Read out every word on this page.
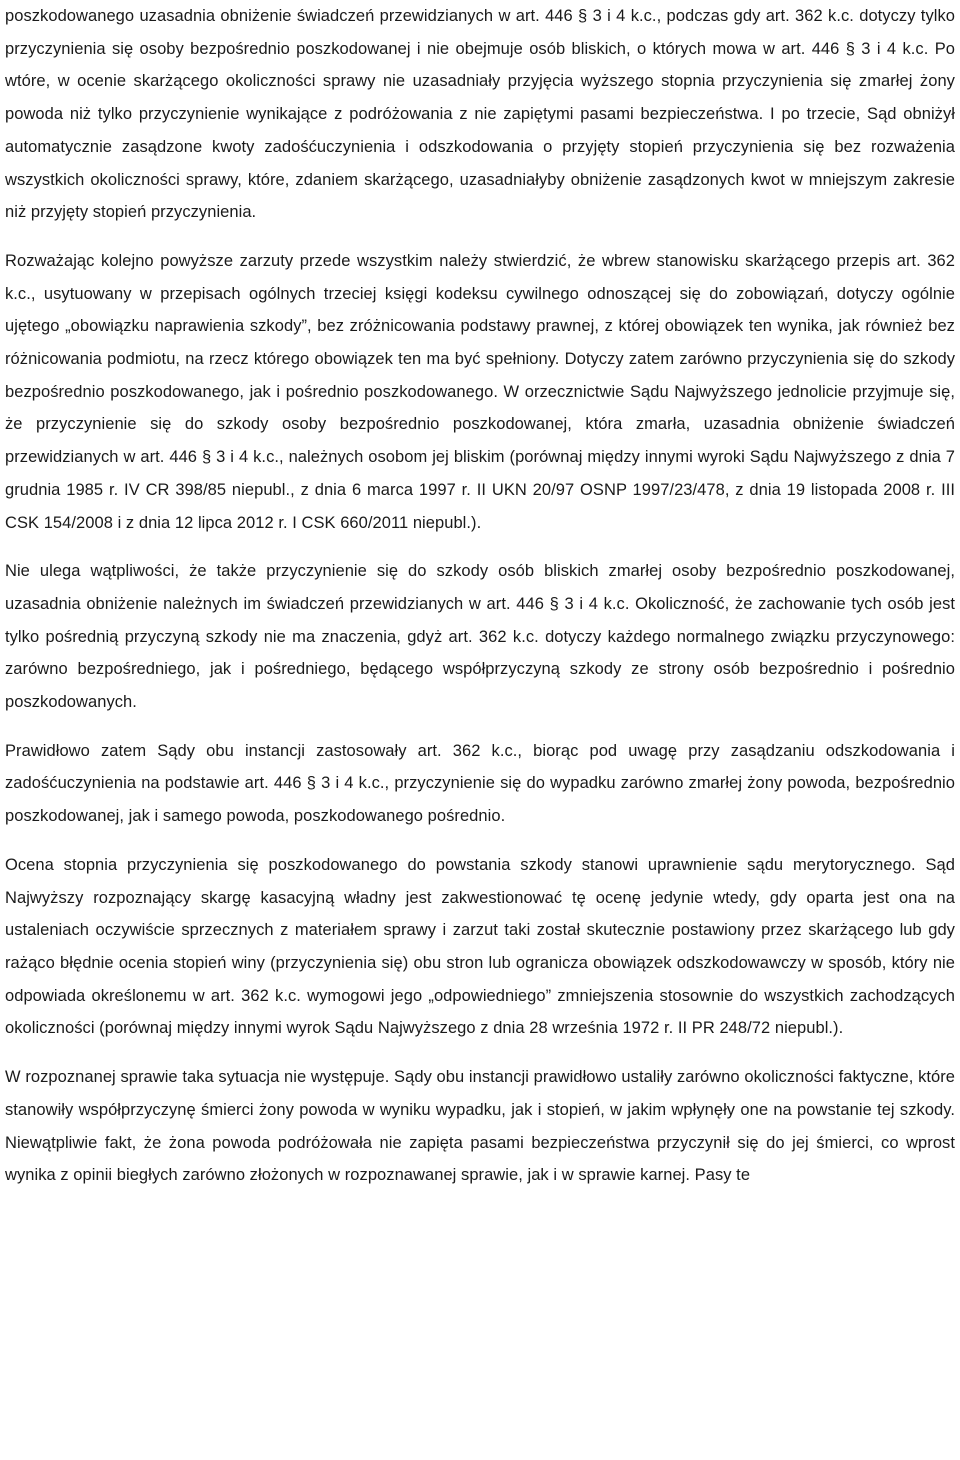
poszkodowanego uzasadnia obniżenie świadczeń przewidzianych w art. 446 § 3 i 4 k.c., podczas gdy art. 362 k.c. dotyczy tylko przyczynienia się osoby bezpośrednio poszkodowanej i nie obejmuje osób bliskich, o których mowa w art. 446 § 3 i 4 k.c. Po wtóre, w ocenie skarżącego okoliczności sprawy nie uzasadniały przyjęcia wyższego stopnia przyczynienia się zmarłej żony powoda niż tylko przyczynienie wynikające z podróżowania z nie zapiętymi pasami bezpieczeństwa. I po trzecie, Sąd obniżył automatycznie zasądzone kwoty zadośćuczynienia i odszkodowania o przyjęty stopień przyczynienia się bez rozważenia wszystkich okoliczności sprawy, które, zdaniem skarżącego, uzasadniałyby obniżenie zasądzonych kwot w mniejszym zakresie niż przyjęty stopień przyczynienia.

Rozważając kolejno powyższe zarzuty przede wszystkim należy stwierdzić, że wbrew stanowisku skarżącego przepis art. 362 k.c., usytuowany w przepisach ogólnych trzeciej księgi kodeksu cywilnego odnoszącej się do zobowiązań, dotyczy ogólnie ujętego „obowiązku naprawienia szkody”, bez zróżnicowania podstawy prawnej, z której obowiązek ten wynika, jak również bez różnicowania podmiotu, na rzecz którego obowiązek ten ma być spełniony. Dotyczy zatem zarówno przyczynienia się do szkody bezpośrednio poszkodowanego, jak i pośrednio poszkodowanego. W orzecznictwie Sądu Najwyższego jednolicie przyjmuje się, że przyczynienie się do szkody osoby bezpośrednio poszkodowanej, która zmarła, uzasadnia obniżenie świadczeń przewidzianych w art. 446 § 3 i 4 k.c., należnych osobom jej bliskim (porównaj między innymi wyroki Sądu Najwyższego z dnia 7 grudnia 1985 r. IV CR 398/85 niepubl., z dnia 6 marca 1997 r. II UKN 20/97 OSNP 1997/23/478, z dnia 19 listopada 2008 r. III CSK 154/2008 i z dnia 12 lipca 2012 r. I CSK 660/2011 niepubl.).

Nie ulega wątpliwości, że także przyczynienie się do szkody osób bliskich zmarłej osoby bezpośrednio poszkodowanej, uzasadnia obniżenie należnych im świadczeń przewidzianych w art. 446 § 3 i 4 k.c. Okoliczność, że zachowanie tych osób jest tylko pośrednią przyczyną szkody nie ma znaczenia, gdyż art. 362 k.c. dotyczy każdego normalnego związku przyczynowego: zarówno bezpośredniego, jak i pośredniego, będącego współprzyczyną szkody ze strony osób bezpośrednio i pośrednio poszkodowanych.

Prawidłowo zatem Sądy obu instancji zastosowały art. 362 k.c., biorąc pod uwagę przy zasądzaniu odszkodowania i zadośćuczynienia na podstawie art. 446 § 3 i 4 k.c., przyczynienie się do wypadku zarówno zmarłej żony powoda, bezpośrednio poszkodowanej, jak i samego powoda, poszkodowanego pośrednio.

Ocena stopnia przyczynienia się poszkodowanego do powstania szkody stanowi uprawnienie sądu merytorycznego. Sąd Najwyższy rozpoznający skargę kasacyjną władny jest zakwestionować tę ocenę jedynie wtedy, gdy oparta jest ona na ustaleniach oczywiście sprzecznych z materiałem sprawy i zarzut taki został skutecznie postawiony przez skarżącego lub gdy rażąco błędnie ocenia stopień winy (przyczynienia się) obu stron lub ogranicza obowiązek odszkodowawczy w sposób, który nie odpowiada określonemu w art. 362 k.c. wymogowi jego „odpowiedniego” zmniejszenia stosownie do wszystkich zachodzących okoliczności (porównaj między innymi wyrok Sądu Najwyższego z dnia 28 września 1972 r. II PR 248/72 niepubl.).

W rozpoznanej sprawie taka sytuacja nie występuje. Sądy obu instancji prawidłowo ustaliły zarówno okoliczności faktyczne, które stanowiły współprzyczynę śmierci żony powoda w wyniku wypadku, jak i stopień, w jakim wpłynęły one na powstanie tej szkody. Niewątpliwie fakt, że żona powoda podróżowała nie zapięta pasami bezpieczeństwa przyczynił się do jej śmierci, co wprost wynika z opinii biegłych zarówno złożonych w rozpoznawanej sprawie, jak i w sprawie karnej. Pasy te
